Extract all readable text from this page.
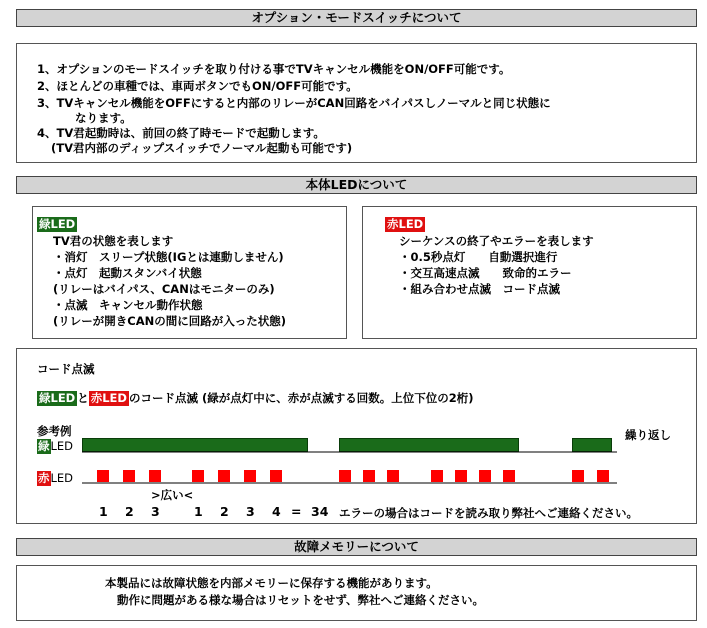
オプション・モードスイッチについて
1、オプションのモードスイッチを取り付ける事でTVキャンセル機能をON/OFF可能です。
2、ほとんどの車種では、車両ボタンでもON/OFF可能です。
3、TVキャンセル機能をOFFにすると内部のリレーがCAN回路をバイパスしノーマルと同じ状態に
なります。
4、TV君起動時は、前回の終了時モードで起動します。
(TV君内部のディップスイッチでノーマル起動も可能です)
本体LEDについて
緑LED
TV君の状態を表します
・消灯　スリープ状態(IGとは連動しません)
・点灯　起動スタンバイ状態
(リレーはバイパス、CANはモニターのみ)
・点滅　キャンセル動作状態
(リレーが開きCANの間に回路が入った状態)
赤LED
シーケンスの終了やエラーを表します
・0.5秒点灯　　自動選択進行
・交互高速点滅　　致命的エラー
・組み合わせ点滅　コード点滅
コード点滅
緑LED と 赤LED のコード点滅 (緑が点灯中に、赤が点滅する回数。上位下位の2桁)
参考例
緑LED
赤LED
繰り返し
>広い<
1 2 3	1 2 3 4 = 34 エラーの場合はコードを読み取り弊社へご連絡ください。
故障メモリーについて
本製品には故障状態を内部メモリーに保存する機能があります。
動作に問題がある様な場合はリセットをせず、弊社へご連絡ください。
